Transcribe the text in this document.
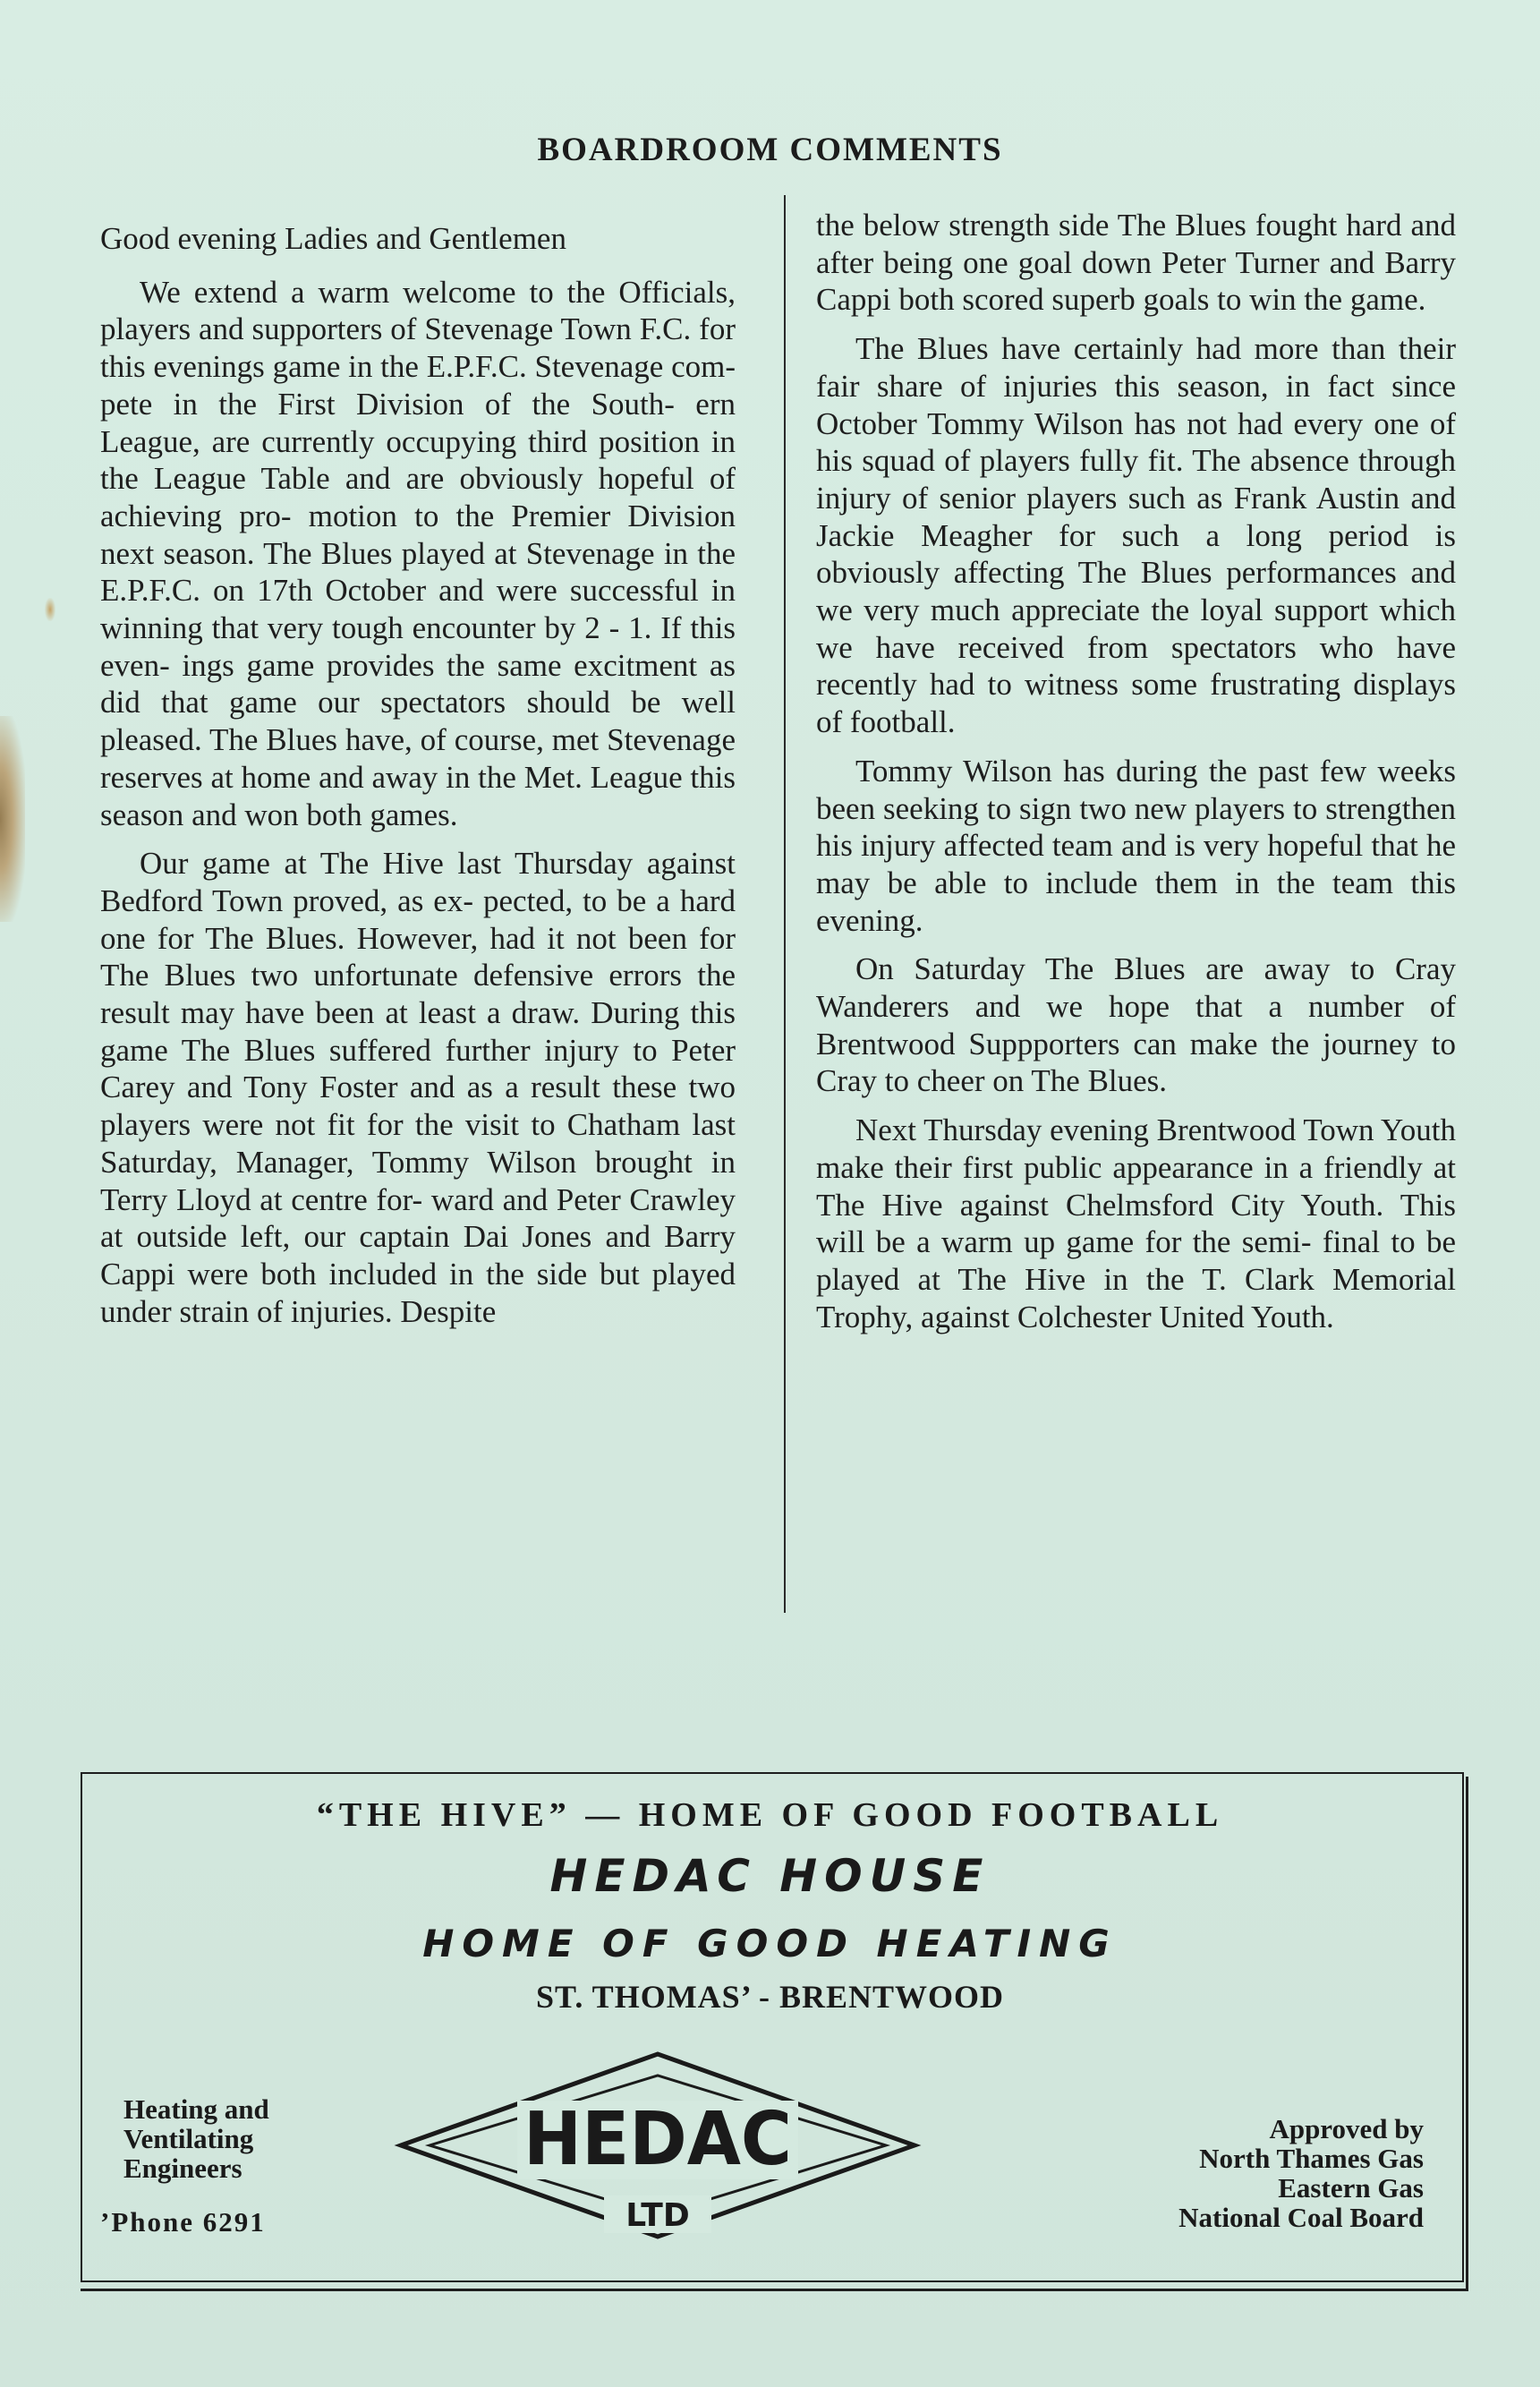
BOARDROOM COMMENTS

Good evening Ladies and Gentlemen

We extend a warm welcome to the Officials, players and supporters of Stevenage Town F.C. for this evenings game in the E.P.F.C. Stevenage com- pete in the First Division of the South- ern League, are currently occupying third position in the League Table and are obviously hopeful of achieving pro- motion to the Premier Division next season. The Blues played at Stevenage in the E.P.F.C. on 17th October and were successful in winning that very tough encounter by 2 - 1. If this even- ings game provides the same excitment as did that game our spectators should be well pleased. The Blues have, of course, met Stevenage reserves at home and away in the Met. League this season and won both games.

Our game at The Hive last Thursday against Bedford Town proved, as ex- pected, to be a hard one for The Blues. However, had it not been for The Blues two unfortunate defensive errors the result may have been at least a draw. During this game The Blues suffered further injury to Peter Carey and Tony Foster and as a result these two players were not fit for the visit to Chatham last Saturday, Manager, Tommy Wilson brought in Terry Lloyd at centre for- ward and Peter Crawley at outside left, our captain Dai Jones and Barry Cappi were both included in the side but played under strain of injuries. Despite

the below strength side The Blues fought hard and after being one goal down Peter Turner and Barry Cappi both scored superb goals to win the game.

The Blues have certainly had more than their fair share of injuries this season, in fact since October Tommy Wilson has not had every one of his squad of players fully fit. The absence through injury of senior players such as Frank Austin and Jackie Meagher for such a long period is obviously affecting The Blues performances and we very much appreciate the loyal support which we have received from spectators who have recently had to witness some frustrating displays of football.

Tommy Wilson has during the past few weeks been seeking to sign two new players to strengthen his injury affected team and is very hopeful that he may be able to include them in the team this evening.

On Saturday The Blues are away to Cray Wanderers and we hope that a number of Brentwood Suppporters can make the journey to Cray to cheer on The Blues.

Next Thursday evening Brentwood Town Youth make their first public appearance in a friendly at The Hive against Chelmsford City Youth. This will be a warm up game for the semi- final to be played at The Hive in the T. Clark Memorial Trophy, against Colchester United Youth.

“THE HIVE” — HOME OF GOOD FOOTBALL
HEDAC HOUSE
HOME OF GOOD HEATING
ST. THOMAS’ - BRENTWOOD
Heating and
Ventilating
Engineers
’Phone 6291
Approved by
North Thames Gas
Eastern Gas
National Coal Board
HEDAC
LTD
